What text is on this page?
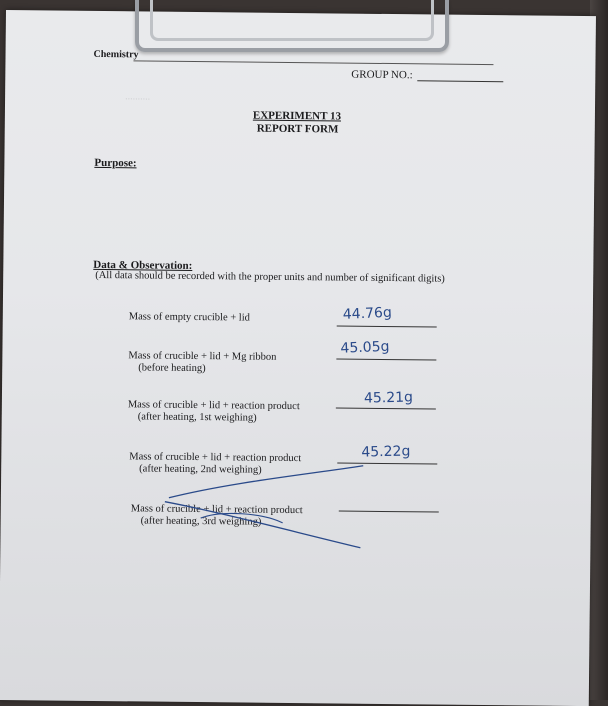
Chemistry
GROUP NO.:
EXPERIMENT 13
REPORT FORM
Purpose:
Data & Observation:
(All data should be recorded with the proper units and number of significant digits)
Mass of empty crucible + lid	44.76g
Mass of crucible + lid + Mg ribbon
(before heating)
45.05g
Mass of crucible + lid + reaction product
(after heating, 1st weighing)
45.21g
Mass of crucible + lid + reaction product
(after heating, 2nd weighing)
45.22g
Mass of crucible + lid + reaction product
(after heating, 3rd weighing)
..........
